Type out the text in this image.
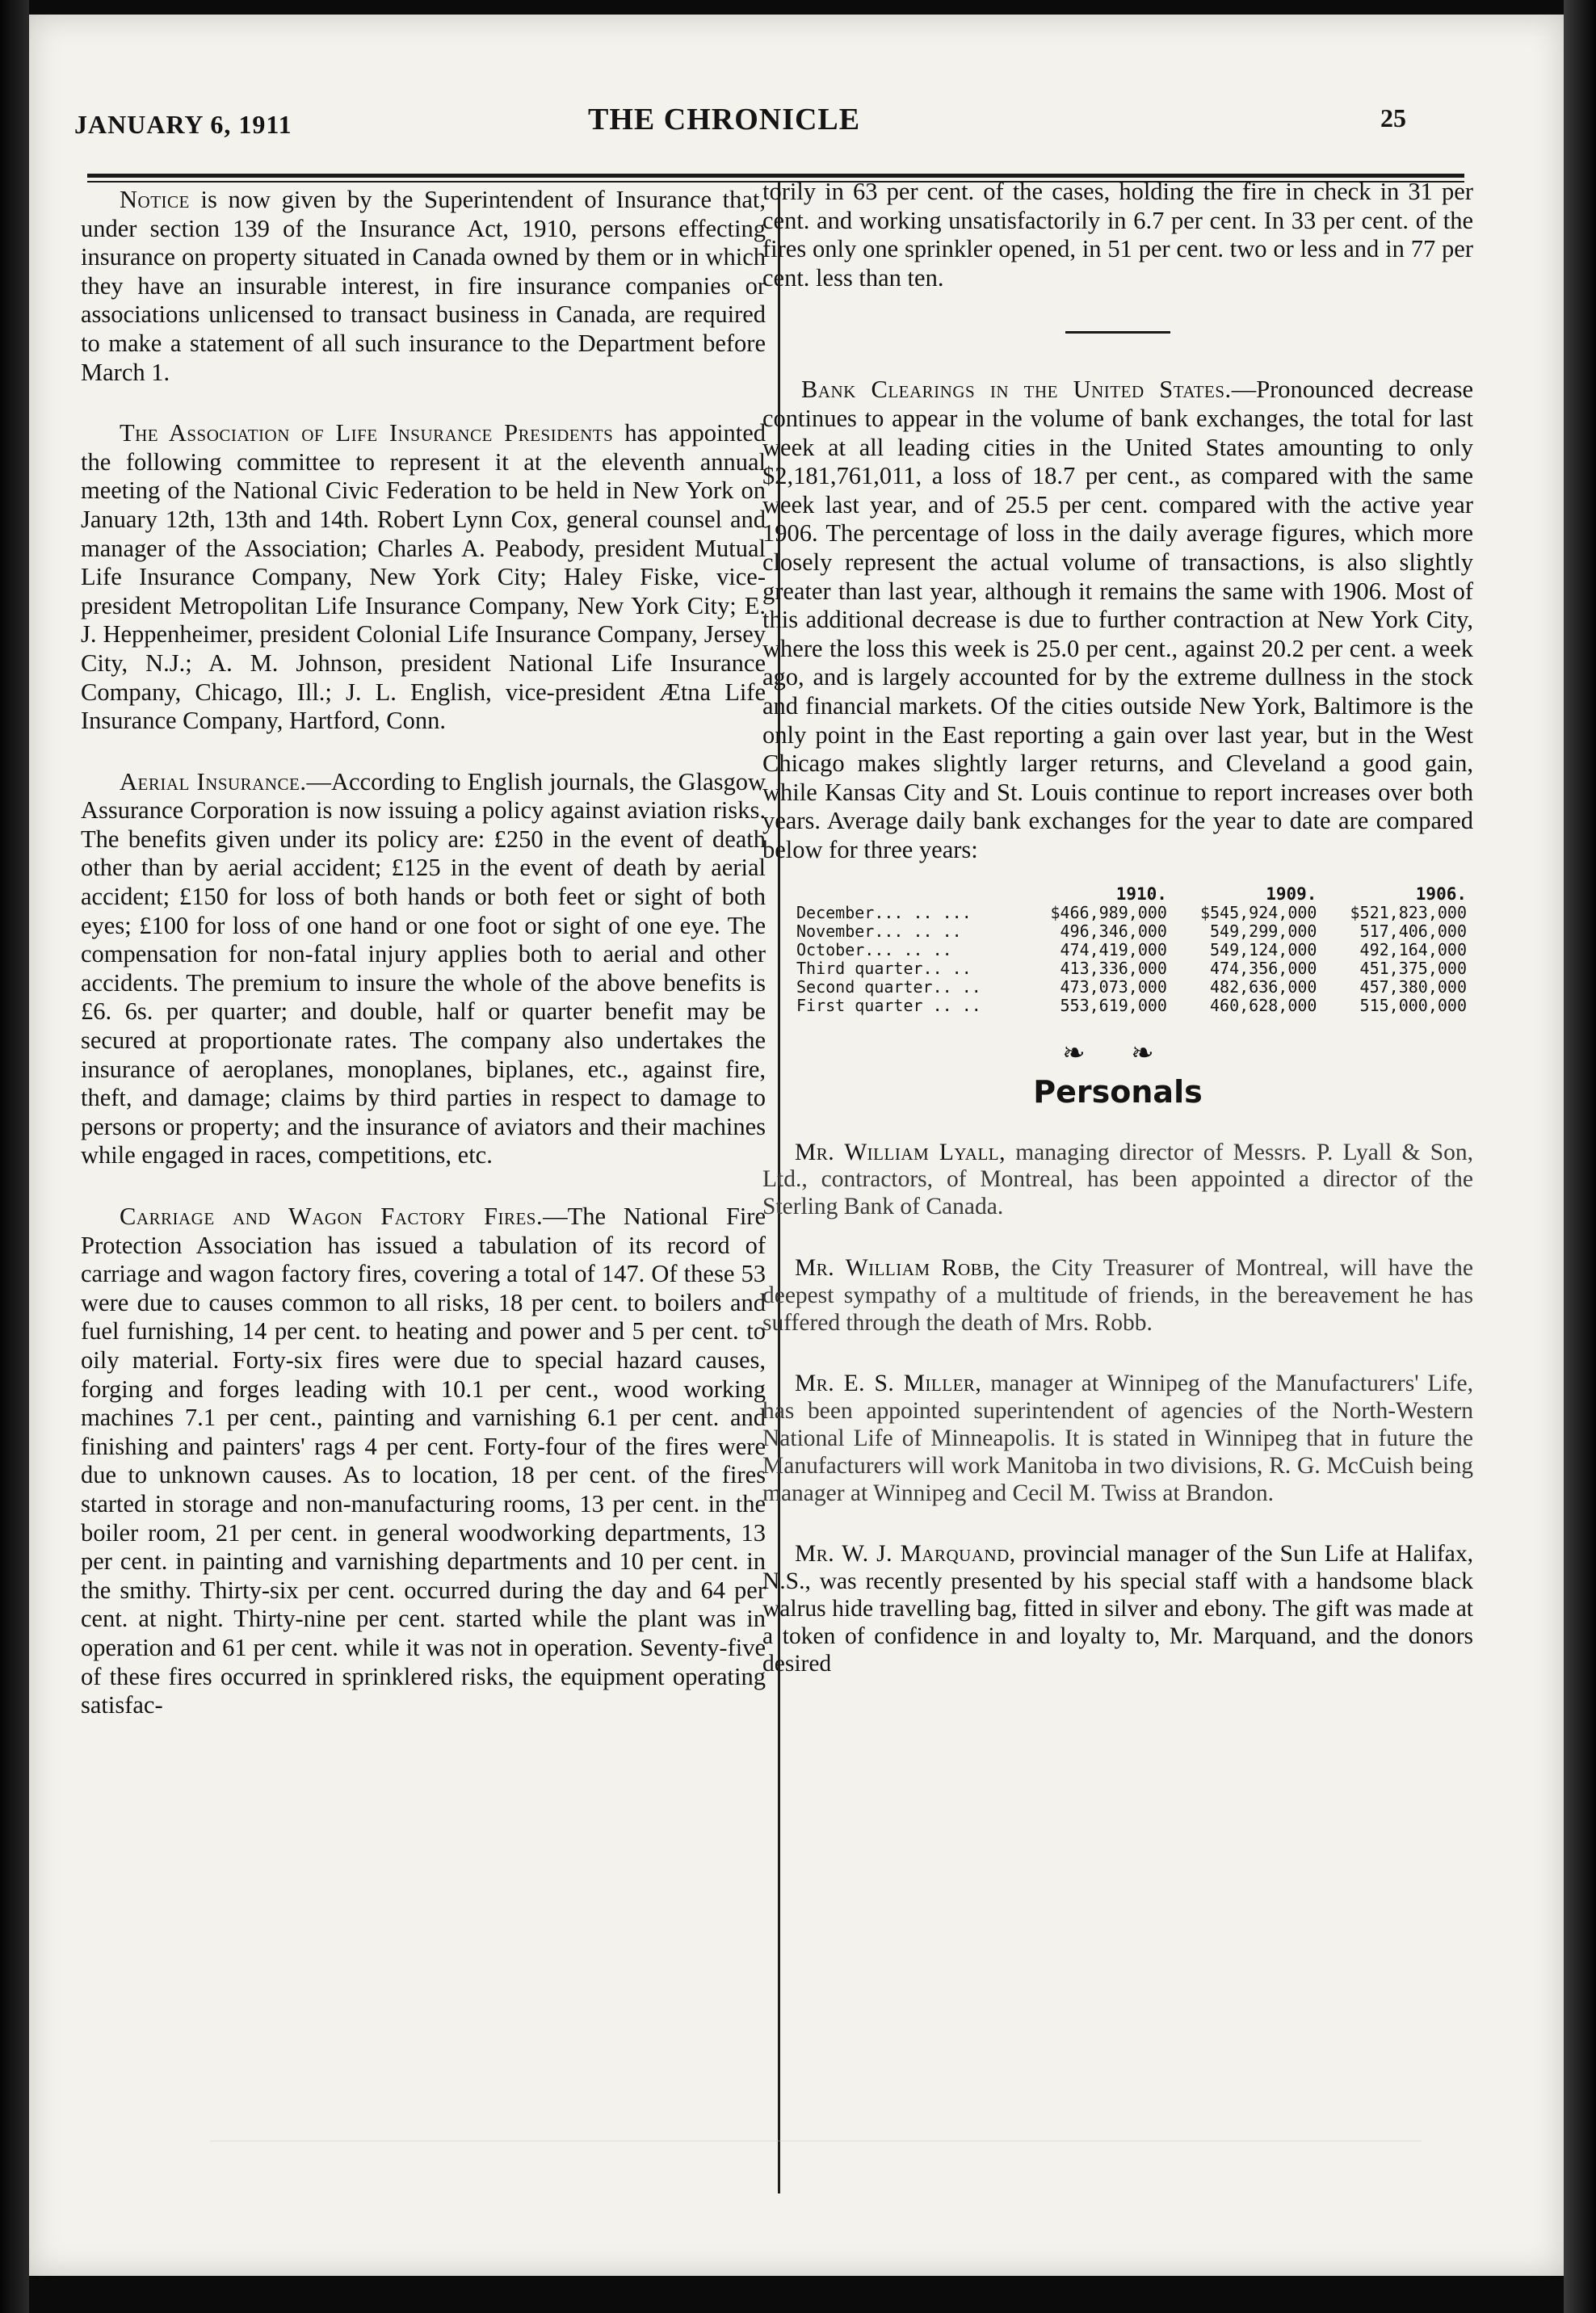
JANUARY 6, 1911	THE CHRONICLE	25

Notice is now given by the Superintendent of Insurance that, under section 139 of the Insurance Act, 1910, persons effecting insurance on property situated in Canada owned by them or in which they have an insurable interest, in fire insurance companies or associations unlicensed to transact business in Canada, are required to make a statement of all such insurance to the Department before March 1.

The Association of Life Insurance Presidents has appointed the following committee to represent it at the eleventh annual meeting of the National Civic Federation to be held in New York on January 12th, 13th and 14th. Robert Lynn Cox, general counsel and manager of the Association; Charles A. Peabody, president Mutual Life Insurance Company, New York City; Haley Fiske, vice-president Metropolitan Life Insurance Company, New York City; E. J. Heppenheimer, president Colonial Life Insurance Company, Jersey City, N.J.; A. M. Johnson, president National Life Insurance Company, Chicago, Ill.; J. L. English, vice-president Ætna Life Insurance Company, Hartford, Conn.

Aerial Insurance.—According to English journals, the Glasgow Assurance Corporation is now issuing a policy against aviation risks. The benefits given under its policy are: £250 in the event of death other than by aerial accident; £125 in the event of death by aerial accident; £150 for loss of both hands or both feet or sight of both eyes; £100 for loss of one hand or one foot or sight of one eye. The compensation for non-fatal injury applies both to aerial and other accidents. The premium to insure the whole of the above benefits is £6. 6s. per quarter; and double, half or quarter benefit may be secured at proportionate rates. The company also undertakes the insurance of aeroplanes, monoplanes, biplanes, etc., against fire, theft, and damage; claims by third parties in respect to damage to persons or property; and the insurance of aviators and their machines while engaged in races, competitions, etc.

Carriage and Wagon Factory Fires.—The National Fire Protection Association has issued a tabulation of its record of carriage and wagon factory fires, covering a total of 147. Of these 53 were due to causes common to all risks, 18 per cent. to boilers and fuel furnishing, 14 per cent. to heating and power and 5 per cent. to oily material. Forty-six fires were due to special hazard causes, forging and forges leading with 10.1 per cent., wood working machines 7.1 per cent., painting and varnishing 6.1 per cent. and finishing and painters' rags 4 per cent. Forty-four of the fires were due to unknown causes. As to location, 18 per cent. of the fires started in storage and non-manufacturing rooms, 13 per cent. in the boiler room, 21 per cent. in general woodworking departments, 13 per cent. in painting and varnishing departments and 10 per cent. in the smithy. Thirty-six per cent. occurred during the day and 64 per cent. at night. Thirty-nine per cent. started while the plant was in operation and 61 per cent. while it was not in operation. Seventy-five of these fires occurred in sprinklered risks, the equipment operating satisfac-

torily in 63 per cent. of the cases, holding the fire in check in 31 per cent. and working unsatisfactorily in 6.7 per cent. In 33 per cent. of the fires only one sprinkler opened, in 51 per cent. two or less and in 77 per cent. less than ten.

Bank Clearings in the United States.—Pronounced decrease continues to appear in the volume of bank exchanges, the total for last week at all leading cities in the United States amounting to only $2,181,761,011, a loss of 18.7 per cent., as compared with the same week last year, and of 25.5 per cent. compared with the active year 1906. The percentage of loss in the daily average figures, which more closely represent the actual volume of transactions, is also slightly greater than last year, although it remains the same with 1906. Most of this additional decrease is due to further contraction at New York City, where the loss this week is 25.0 per cent., against 20.2 per cent. a week ago, and is largely accounted for by the extreme dullness in the stock and financial markets. Of the cities outside New York, Baltimore is the only point in the East reporting a gain over last year, but in the West Chicago makes slightly larger returns, and Cleveland a good gain, while Kansas City and St. Louis continue to report increases over both years. Average daily bank exchanges for the year to date are compared below for three years:

	1910.	1909.	1906.
December... .. ...	$466,989,000	$545,924,000	$521,823,000
November... .. ..	496,346,000	549,299,000	517,406,000
October... .. ..	474,419,000	549,124,000	492,164,000
Third quarter.. ..	413,336,000	474,356,000	451,375,000
Second quarter.. ..	473,073,000	482,636,000	457,380,000
First quarter .. ..	553,619,000	460,628,000	515,000,000
❧ ❧
Personals

Mr. William Lyall, managing director of Messrs. P. Lyall & Son, Ltd., contractors, of Montreal, has been appointed a director of the Sterling Bank of Canada.

Mr. William Robb, the City Treasurer of Montreal, will have the deepest sympathy of a multitude of friends, in the bereavement he has suffered through the death of Mrs. Robb.

Mr. E. S. Miller, manager at Winnipeg of the Manufacturers' Life, has been appointed superintendent of agencies of the North-Western National Life of Minneapolis. It is stated in Winnipeg that in future the Manufacturers will work Manitoba in two divisions, R. G. McCuish being manager at Winnipeg and Cecil M. Twiss at Brandon.

Mr. W. J. Marquand, provincial manager of the Sun Life at Halifax, N.S., was recently presented by his special staff with a handsome black walrus hide travelling bag, fitted in silver and ebony. The gift was made at a token of confidence in and loyalty to, Mr. Marquand, and the donors desired
